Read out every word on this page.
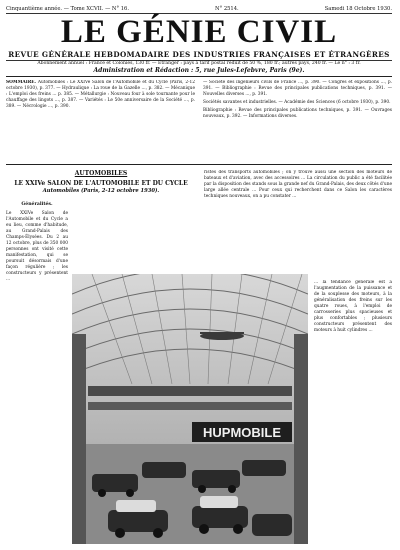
Cinquantième année. — Tome XCVII. — N° 16.	N° 2514.	Samedi 18 Octobre 1930.
LE GÉNIE CIVIL
REVUE GÉNÉRALE HEBDOMADAIRE DES INDUSTRIES FRANÇAISES ET ÉTRANGÈRES
Abonnement annuel : France et Colonies, 130 fr. — Étranger : pays à tarif postal réduit de 50 %, 180 fr.; autres pays, 240 fr. — Le n° : 3 fr.
Administration et Rédaction : 5, rue Jules-Lefebvre, Paris (9e).
SOMMAIRE. Automobiles : Le XXIVe Salon de l'Automobile et du Cycle (Paris, 2-12 octobre 1930), p. 377. — Hydraulique : La roue de la Gazelle ..., p. 382. — Mécanique : L'emploi des freins ... p. 385. — Métallurgie : Nouveau four à sole tournante pour le chauffage des lingots ..., p. 387. — Variétés : Le 50e anniversaire de la Société ..., p. 389. — Nécrologie ..., p. 390.
— Société des ingénieurs civils de France ..., p. 390. — Congrès et expositions ..., p. 391. — Bibliographie : Revue des principales publications techniques, p. 391. — Nouvelles diverses ..., p. 391.
Sociétés savantes et industrielles. — Académie des Sciences (6 octobre 1930), p. 390.
Bibliographie : Revue des principales publications techniques, p. 391. — Ouvrages nouveaux, p. 392. — Informations diverses.
AUTOMOBILES
LE XXIVe SALON DE L'AUTOMOBILE ET DU CYCLE
Automobiles (Paris, 2-12 octobre 1930).
ristes des transports automobiles ; on y trouve aussi une section des moteurs de bateaux et d'aviation, avec des accessoires ... La circulation du public a été facilitée par la disposition des stands sous la grande nef du Grand-Palais, des deux côtés d'une large allée centrale ... Pour ceux qui recherchent dans ce Salon les caractères techniques nouveaux, on a pu constater ...
Généralités.
Le XXIVe Salon de l'Automobile et du Cycle a eu lieu, comme d'habitude, au Grand-Palais des Champs-Élysées. Du 2 au 12 octobre, plus de 350 000 personnes ont visité cette manifestation, qui se poursuit désormais d'une façon régulière ; les constructeurs y présentent ...
HUPMOBILE
... la tendance générale est à l'augmentation de la puissance et de la souplesse des moteurs, à la généralisation des freins sur les quatre roues, à l'emploi de carrosseries plus spacieuses et plus confortables ; plusieurs constructeurs présentent des moteurs à huit cylindres ...
